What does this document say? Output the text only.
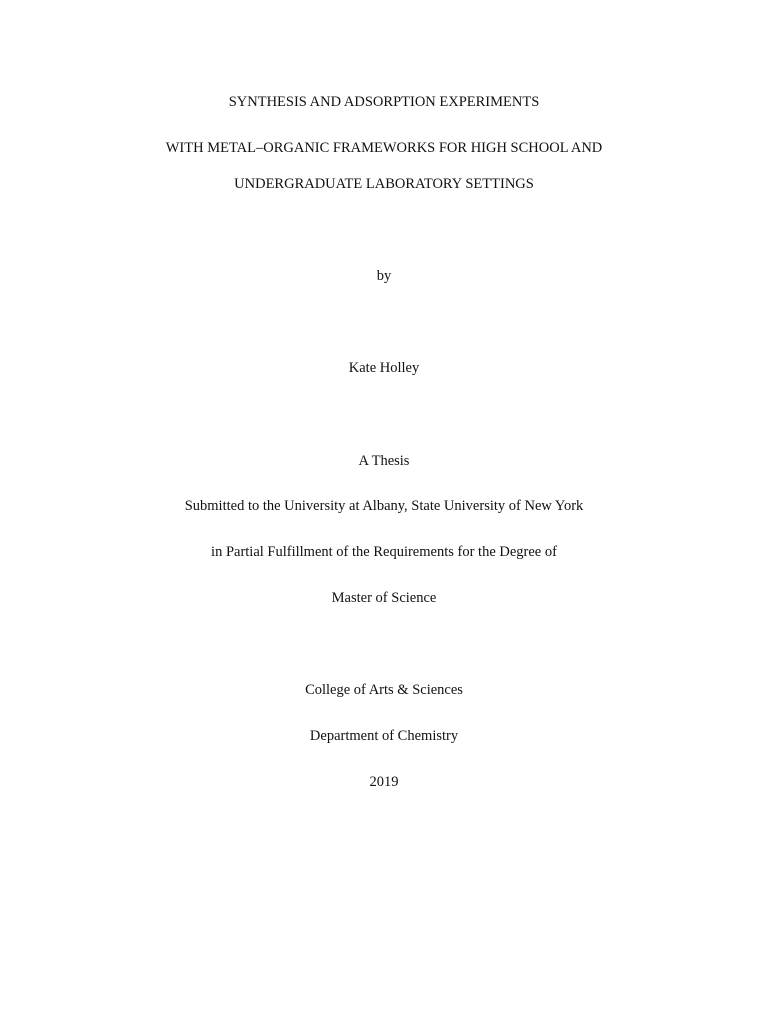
SYNTHESIS AND ADSORPTION EXPERIMENTS
WITH METAL–ORGANIC FRAMEWORKS FOR HIGH SCHOOL AND
UNDERGRADUATE LABORATORY SETTINGS
by
Kate Holley
A Thesis
Submitted to the University at Albany, State University of New York
in Partial Fulfillment of the Requirements for the Degree of
Master of Science
College of Arts & Sciences
Department of Chemistry
2019
